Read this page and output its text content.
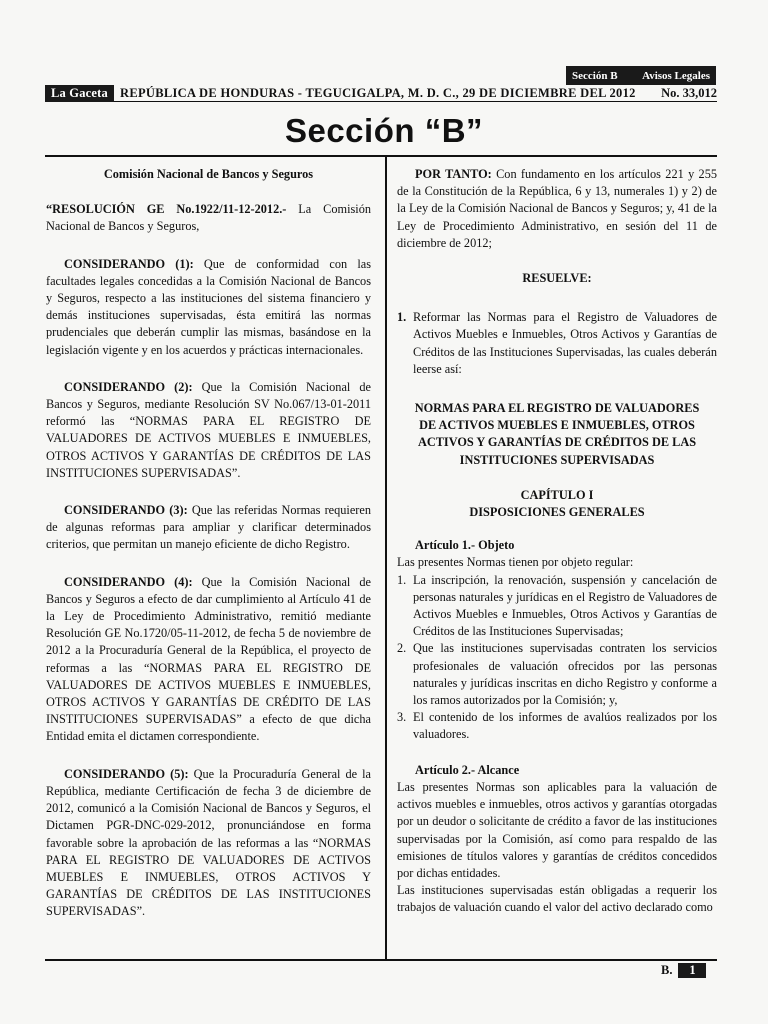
Sección B Avisos Legales
La Gaceta REPÚBLICA DE HONDURAS - TEGUCIGALPA, M. D. C., 29 DE DICIEMBRE DEL 2012	No. 33,012
Sección “B”

Comisión Nacional de Bancos y Seguros

“RESOLUCIÓN GE No.1922/11-12-2012.- La Comisión Nacional de Bancos y Seguros,

CONSIDERANDO (1): Que de conformidad con las facultades legales concedidas a la Comisión Nacional de Bancos y Seguros, respecto a las instituciones del sistema financiero y demás instituciones supervisadas, ésta emitirá las normas prudenciales que deberán cumplir las mismas, basándose en la legislación vigente y en los acuerdos y prácticas internacionales.

CONSIDERANDO (2): Que la Comisión Nacional de Bancos y Seguros, mediante Resolución SV No.067/13-01-2011 reformó las “NORMAS PARA EL REGISTRO DE VALUADORES DE ACTIVOS MUEBLES E INMUEBLES, OTROS ACTIVOS Y GARANTÍAS DE CRÉDITOS DE LAS INSTITUCIONES SUPERVISADAS”.

CONSIDERANDO (3): Que las referidas Normas requieren de algunas reformas para ampliar y clarificar determinados criterios, que permitan un manejo eficiente de dicho Registro.

CONSIDERANDO (4): Que la Comisión Nacional de Bancos y Seguros a efecto de dar cumplimiento al Artículo 41 de la Ley de Procedimiento Administrativo, remitió mediante Resolución GE No.1720/05-11-2012, de fecha 5 de noviembre de 2012 a la Procuraduría General de la República, el proyecto de reformas a las “NORMAS PARA EL REGISTRO DE VALUADORES DE ACTIVOS MUEBLES E INMUEBLES, OTROS ACTIVOS Y GARANTÍAS DE CRÉDITO DE LAS INSTITUCIONES SUPERVISADAS” a efecto de que dicha Entidad emita el dictamen correspondiente.

CONSIDERANDO (5): Que la Procuraduría General de la República, mediante Certificación de fecha 3 de diciembre de 2012, comunicó a la Comisión Nacional de Bancos y Seguros, el Dictamen PGR-DNC-029-2012, pronunciándose en forma favorable sobre la aprobación de las reformas a las “NORMAS PARA EL REGISTRO DE VALUADORES DE ACTIVOS MUEBLES E INMUEBLES, OTROS ACTIVOS Y GARANTÍAS DE CRÉDITOS DE LAS INSTITUCIONES SUPERVISADAS”.

POR TANTO: Con fundamento en los artículos 221 y 255 de la Constitución de la República, 6 y 13, numerales 1) y 2) de la Ley de la Comisión Nacional de Bancos y Seguros; y, 41 de la Ley de Procedimiento Administrativo, en sesión del 11 de diciembre de 2012;

RESUELVE:

1. Reformar las Normas para el Registro de Valuadores de Activos Muebles e Inmuebles, Otros Activos y Garantías de Créditos de las Instituciones Supervisadas, las cuales deberán leerse así:

NORMAS PARA EL REGISTRO DE VALUADORES DE ACTIVOS MUEBLES E INMUEBLES, OTROS ACTIVOS Y GARANTÍAS DE CRÉDITOS DE LAS INSTITUCIONES SUPERVISADAS

CAPÍTULO I

DISPOSICIONES GENERALES

Artículo 1.- Objeto

Las presentes Normas tienen por objeto regular:

1. La inscripción, la renovación, suspensión y cancelación de personas naturales y jurídicas en el Registro de Valuadores de Activos Muebles e Inmuebles, Otros Activos y Garantías de Créditos de las Instituciones Supervisadas;
2. Que las instituciones supervisadas contraten los servicios profesionales de valuación ofrecidos por las personas naturales y jurídicas inscritas en dicho Registro y conforme a los ramos autorizados por la Comisión; y,
3. El contenido de los informes de avalúos realizados por los valuadores.

Artículo 2.- Alcance

Las presentes Normas son aplicables para la valuación de activos muebles e inmuebles, otros activos y garantías otorgadas por un deudor o solicitante de crédito a favor de las instituciones supervisadas por la Comisión, así como para respaldo de las emisiones de títulos valores y garantías de créditos concedidos por dichas entidades.

Las instituciones supervisadas están obligadas a requerir los trabajos de valuación cuando el valor del activo declarado como

B.	1
